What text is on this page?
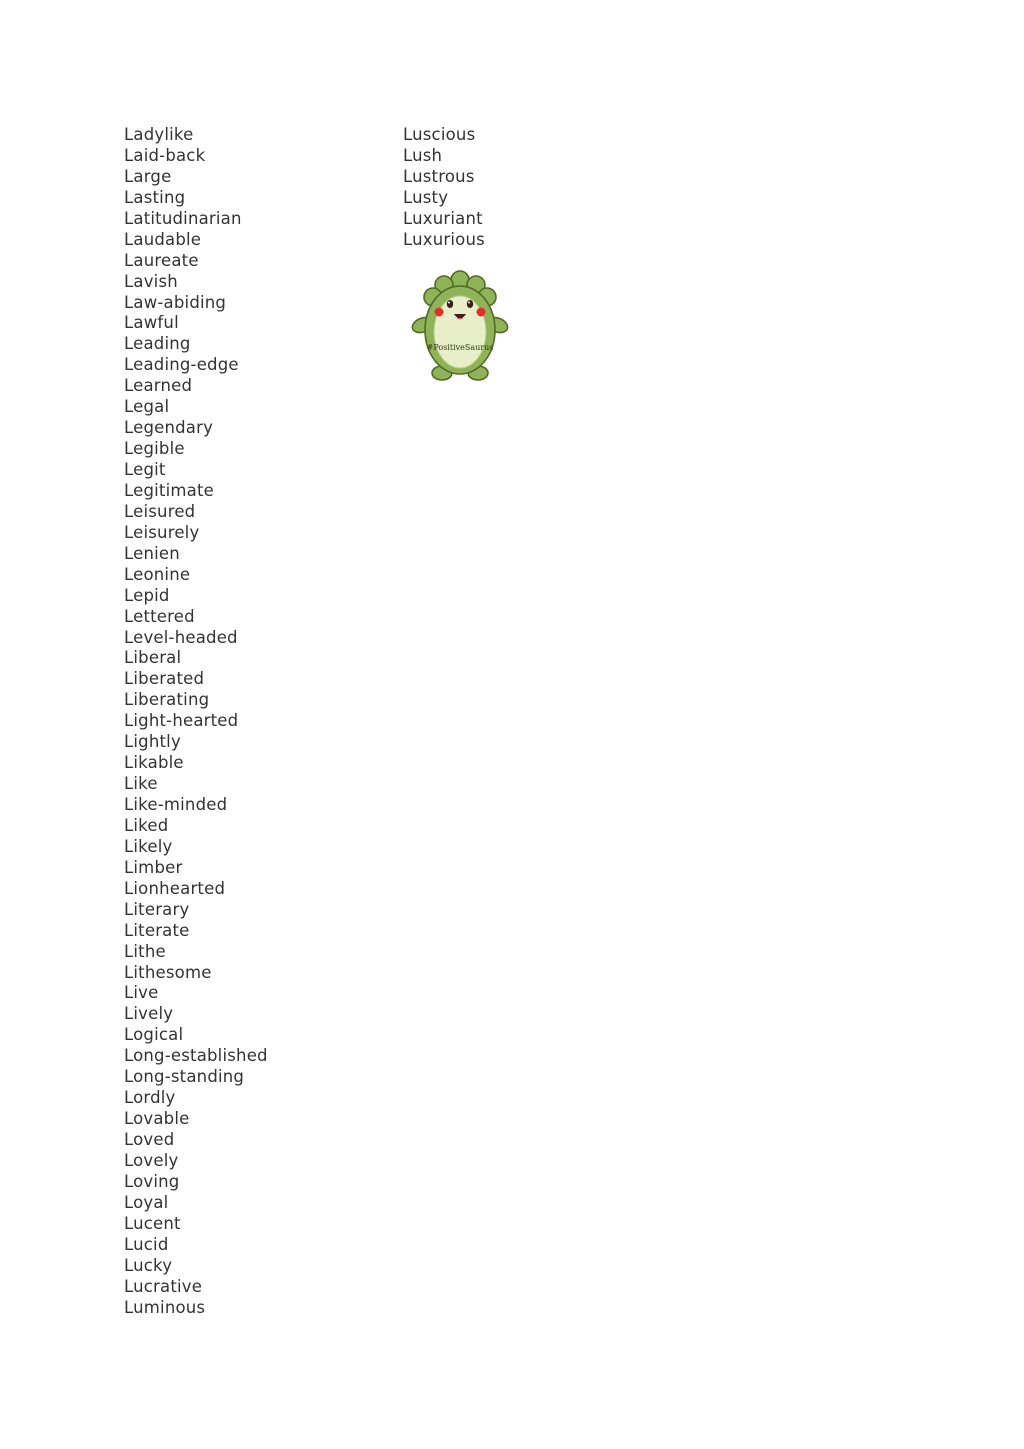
Ladylike
Laid-back
Large
Lasting
Latitudinarian
Laudable
Laureate
Lavish
Law-abiding
Lawful
Leading
Leading-edge
Learned
Legal
Legendary
Legible
Legit
Legitimate
Leisured
Leisurely
Lenien
Leonine
Lepid
Lettered
Level-headed
Liberal
Liberated
Liberating
Light-hearted
Lightly
Likable
Like
Like-minded
Liked
Likely
Limber
Lionhearted
Literary
Literate
Lithe
Lithesome
Live
Lively
Logical
Long-established
Long-standing
Lordly
Lovable
Loved
Lovely
Loving
Loyal
Lucent
Lucid
Lucky
Lucrative
Luminous
Luscious
Lush
Lustrous
Lusty
Luxuriant
Luxurious
#PositiveSaurus
